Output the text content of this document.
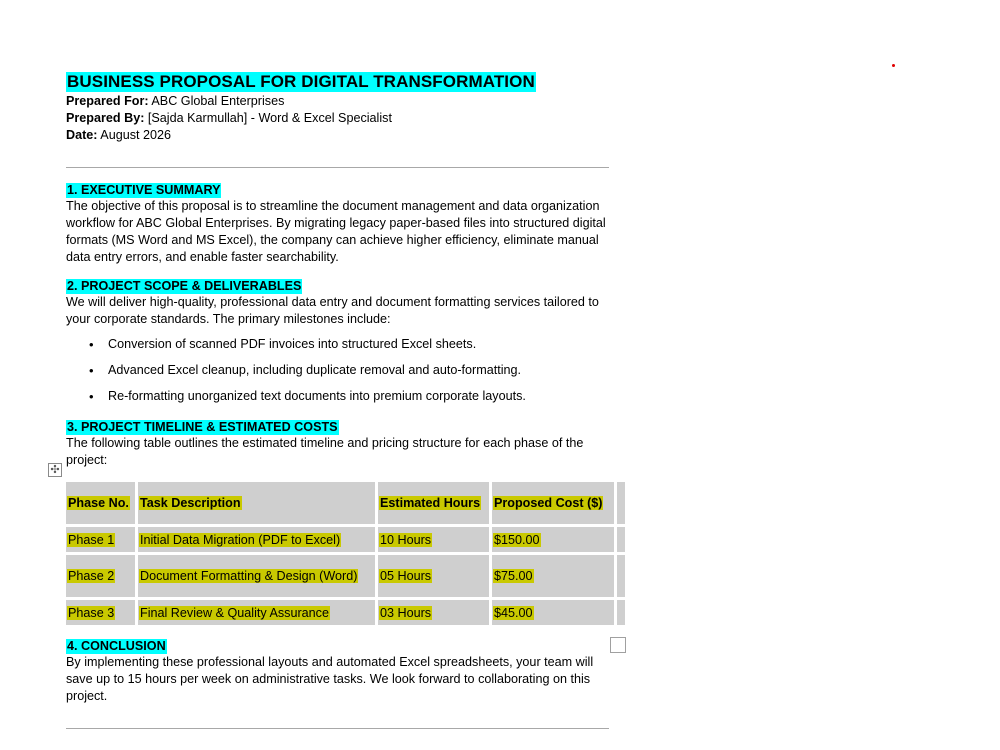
BUSINESS PROPOSAL FOR DIGITAL TRANSFORMATION
Prepared For: ABC Global Enterprises
Prepared By: [Sajda Karmullah] - Word & Excel Specialist
Date: August 2026
1. EXECUTIVE SUMMARY

The objective of this proposal is to streamline the document management and data organization workflow for ABC Global Enterprises. By migrating legacy paper-based files into structured digital formats (MS Word and MS Excel), the company can achieve higher efficiency, eliminate manual data entry errors, and enable faster searchability.

2. PROJECT SCOPE & DELIVERABLES

We will deliver high-quality, professional data entry and document formatting services tailored to your corporate standards. The primary milestones include:

• Conversion of scanned PDF invoices into structured Excel sheets.
• Advanced Excel cleanup, including duplicate removal and auto-formatting.
• Re-formatting unorganized text documents into premium corporate layouts.
3. PROJECT TIMELINE & ESTIMATED COSTS

The following table outlines the estimated timeline and pricing structure for each phase of the project:

✣
Phase No.	Task Description	Estimated Hours	Proposed Cost ($)	
Phase 1	Initial Data Migration (PDF to Excel)	10 Hours	$150.00	
Phase 2	Document Formatting & Design (Word)	05 Hours	$75.00	
Phase 3	Final Review & Quality Assurance	03 Hours	$45.00	
4. CONCLUSION

By implementing these professional layouts and automated Excel spreadsheets, your team will save up to 15 hours per week on administrative tasks. We look forward to collaborating on this project.
